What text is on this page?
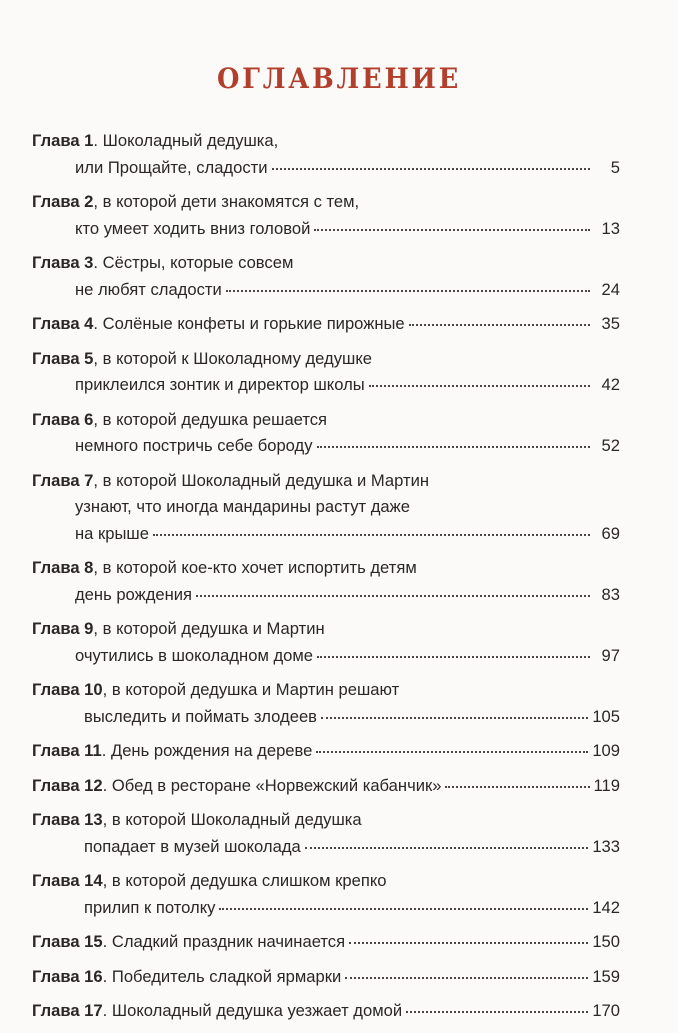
ОГЛАВЛЕНИЕ
Глава 1 .
Шоколадный дедушка,
или Прощайте, сладости	5
Глава 2 ,
в которой дети знакомятся с тем,
кто умеет ходить вниз головой	13
Глава 3 .
Сёстры, которые совсем
не любят сладости	24
Глава 4 .
Солёные конфеты и горькие пирожные	35
Глава 5 ,
в которой к Шоколадному дедушке
приклеился зонтик и директор школы	42
Глава 6 ,
в которой дедушка решается
немного постричь себе бороду	52
Глава 7 ,
в которой Шоколадный дедушка и Мартин
узнают, что иногда мандарины растут даже
на крыше	69
Глава 8 ,
в которой кое-кто хочет испортить детям
день рождения	83
Глава 9 ,
в которой дедушка и Мартин
очутились в шоколадном доме	97
Глава 10 ,
в которой дедушка и Мартин решают
выследить и поймать злодеев	105
Глава 11 .
День рождения на дереве	109
Глава 12 .
Обед в ресторане «Норвежский кабанчик»	119
Глава 13 ,
в которой Шоколадный дедушка
попадает в музей шоколада	133
Глава 14 ,
в которой дедушка слишком крепко
прилип к потолку	142
Глава 15 .
Сладкий праздник начинается	150
Глава 16 .
Победитель сладкой ярмарки	159
Глава 17 .
Шоколадный дедушка уезжает домой	170
